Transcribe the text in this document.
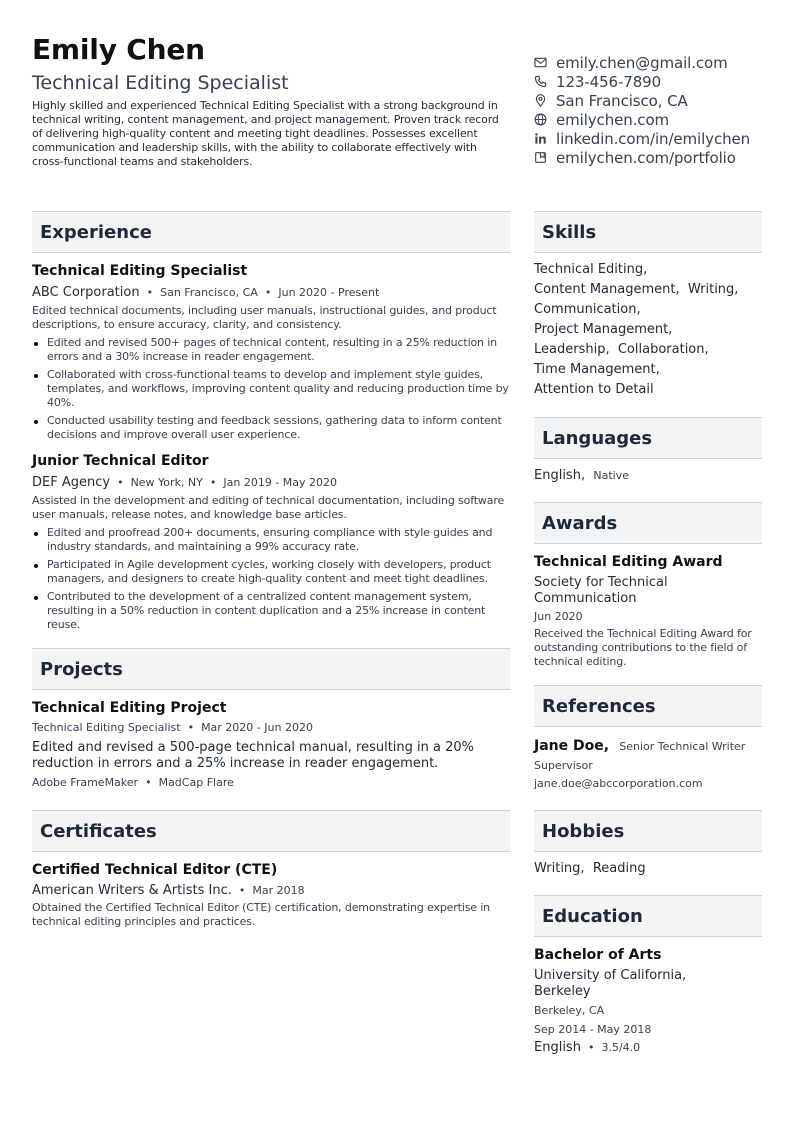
Emily Chen
Technical Editing Specialist
Highly skilled and experienced Technical Editing Specialist with a strong background in technical writing, content management, and project management. Proven track record of delivering high-quality content and meeting tight deadlines. Possesses excellent communication and leadership skills, with the ability to collaborate effectively with cross-functional teams and stakeholders.
emily.chen@gmail.com
123-456-7890
San Francisco, CA
emilychen.com
linkedin.com/in/emilychen
emilychen.com/portfolio
Experience
Technical Editing Specialist
ABC Corporation • San Francisco, CA • Jun 2020 - Present
Edited technical documents, including user manuals, instructional guides, and product descriptions, to ensure accuracy, clarity, and consistency.
Edited and revised 500+ pages of technical content, resulting in a 25% reduction in errors and a 30% increase in reader engagement.
Collaborated with cross-functional teams to develop and implement style guides, templates, and workflows, improving content quality and reducing production time by 40%.
Conducted usability testing and feedback sessions, gathering data to inform content decisions and improve overall user experience.
Junior Technical Editor
DEF Agency • New York, NY • Jan 2019 - May 2020
Assisted in the development and editing of technical documentation, including software user manuals, release notes, and knowledge base articles.
Edited and proofread 200+ documents, ensuring compliance with style guides and industry standards, and maintaining a 99% accuracy rate.
Participated in Agile development cycles, working closely with developers, product managers, and designers to create high-quality content and meet tight deadlines.
Contributed to the development of a centralized content management system, resulting in a 50% reduction in content duplication and a 25% increase in content reuse.
Projects
Technical Editing Project
Technical Editing Specialist • Mar 2020 - Jun 2020
Edited and revised a 500-page technical manual, resulting in a 20% reduction in errors and a 25% increase in reader engagement.
Adobe FrameMaker • MadCap Flare
Certificates
Certified Technical Editor (CTE)
American Writers & Artists Inc. • Mar 2018
Obtained the Certified Technical Editor (CTE) certification, demonstrating expertise in technical editing principles and practices.
Skills
Technical Editing,
Content Management, Writing,
Communication,
Project Management,
Leadership, Collaboration,
Time Management,
Attention to Detail
Languages
English, Native
Awards
Technical Editing Award
Society for Technical Communication
Jun 2020
Received the Technical Editing Award for outstanding contributions to the field of technical editing.
References
Jane Doe, Senior Technical Writer
Supervisor
jane.doe@abccorporation.com
Hobbies
Writing, Reading
Education
Bachelor of Arts
University of California, Berkeley
Berkeley, CA
Sep 2014 - May 2018
English • 3.5/4.0
